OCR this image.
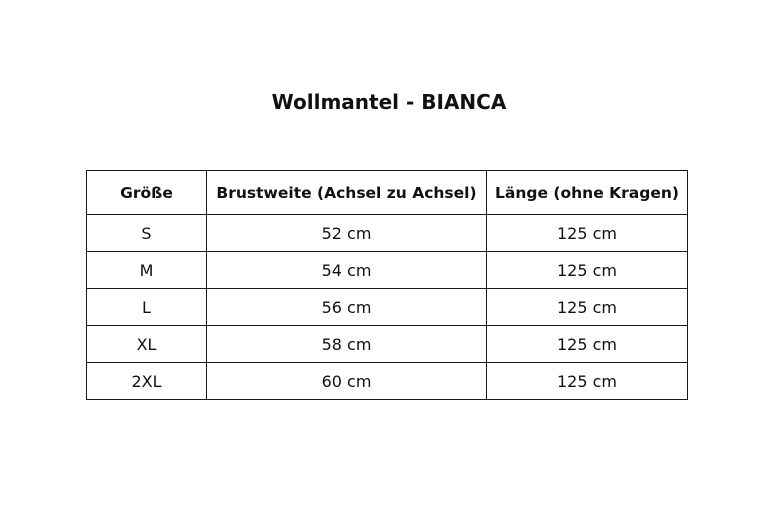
Wollmantel - BIANCA
Größe	Brustweite (Achsel zu Achsel)	Länge (ohne Kragen)
S	52 cm	125 cm
M	54 cm	125 cm
L	56 cm	125 cm
XL	58 cm	125 cm
2XL	60 cm	125 cm
